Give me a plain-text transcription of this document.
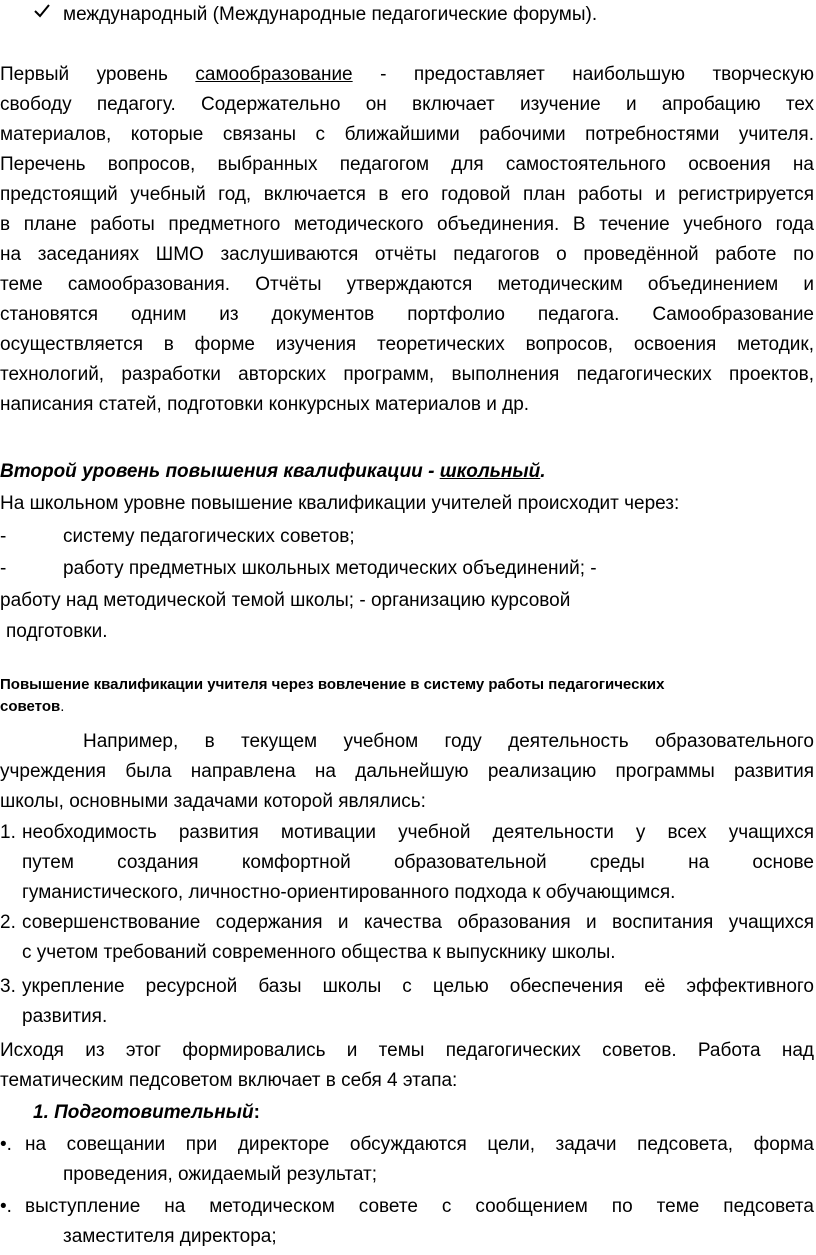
международный (Международные педагогические форумы).
Первый уровень самообразование - предоставляет наибольшую творческую
свободу педагогу. Содержательно он включает изучение и апробацию тех
материалов, которые связаны с ближайшими рабочими потребностями учителя.
Перечень вопросов, выбранных педагогом для самостоятельного освоения на
предстоящий учебный год, включается в его годовой план работы и регистрируется
в плане работы предметного методического объединения. В течение учебного года
на заседаниях ШМО заслушиваются отчёты педагогов о проведённой работе по
теме самообразования. Отчёты утверждаются методическим объединением и
становятся одним из документов портфолио педагога. Самообразование
осуществляется в форме изучения теоретических вопросов, освоения методик,
технологий, разработки авторских программ, выполнения педагогических проектов,
написания статей, подготовки конкурсных материалов и др.
Второй уровень повышения квалификации - школьный.
На школьном уровне повышение квалификации учителей происходит через:
-	систему педагогических советов;
-	работу предметных школьных методических объединений; -
работу над методической темой школы; - организацию курсовой
подготовки.
Повышение квалификации учителя через вовлечение в систему работы педагогических
советов.
Например, в текущем учебном году деятельность образовательного
учреждения была направлена на дальнейшую реализацию программы развития
школы, основными задачами которой являлись:
1. необходимость развития мотивации учебной деятельности у всех учащихся
путем создания комфортной образовательной среды на основе
гуманистического, личностно-ориентированного подхода к обучающимся.
2. совершенствование содержания и качества образования и воспитания учащихся
с учетом требований современного общества к выпускнику школы.
3. укрепление ресурсной базы школы с целью обеспечения её эффективного
развития.
Исходя из этог формировались и темы педагогических советов. Работа над
тематическим педсоветом включает в себя 4 этапа:
1. Подготовительный:
•. на совещании при директоре обсуждаются цели, задачи педсовета, форма
проведения, ожидаемый результат;
•. выступление на методическом совете с сообщением по теме педсовета
заместителя директора;
